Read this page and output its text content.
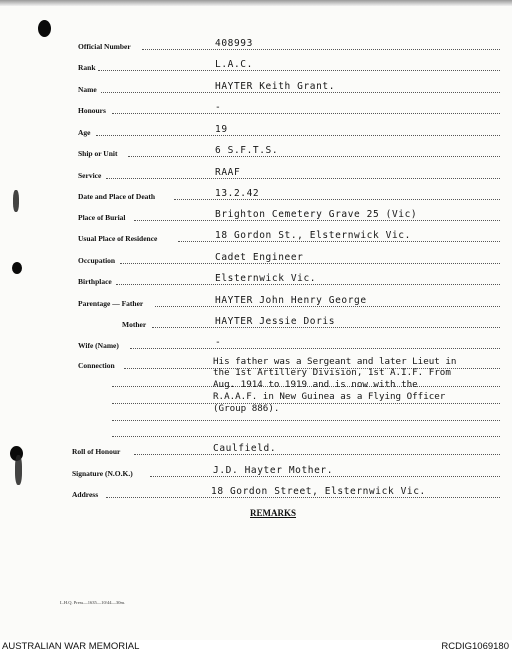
Official Number	408993
Rank	L.A.C.
Name	HAYTER Keith Grant.
Honours	-
Age	19
Ship or Unit	6 S.F.T.S.
Service	RAAF
Date and Place of Death	13.2.42
Place of Burial	Brighton Cemetery Grave 25 (Vic)
Usual Place of Residence	18 Gordon St., Elsternwick Vic.
Occupation	Cadet Engineer
Birthplace	Elsternwick Vic.
Parentage — Father	HAYTER John Henry George
Mother	HAYTER Jessie Doris
Wife (Name)	-
Connection	His father was a Sergeant and later Lieut in
the 1st Artillery Division, 1st A.I.F. From
Aug. 1914 to 1919 and is now with the
R.A.A.F. in New Guinea as a Flying Officer
(Group 886).
Roll of Honour	Caulfield.
Signature (N.O.K.)	J.D. Hayter Mother.
Address	18 Gordon Street, Elsternwick Vic.
REMARKS
L.H.Q. Press—1635—10/44—30m.
AUSTRALIAN WAR MEMORIAL	RCDIG1069180
